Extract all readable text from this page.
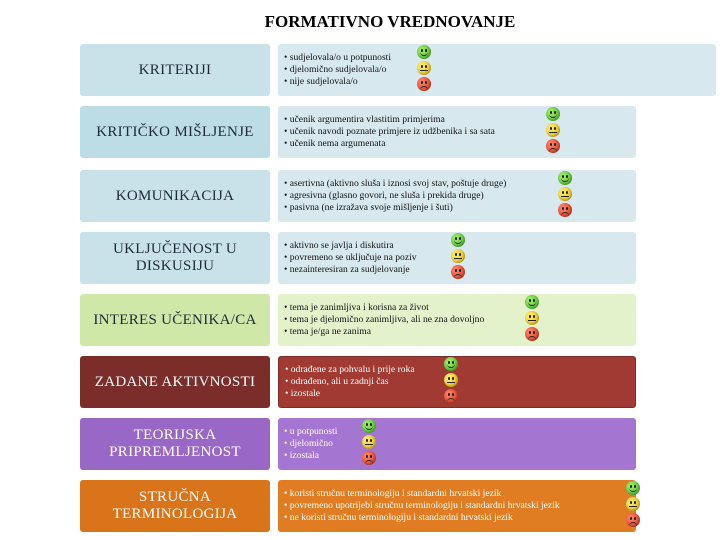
FORMATIVNO VREDNOVANJE
KRITERIJI
• sudjelovala/o u potpunosti
• djelomično sudjelovala/o
• nije sudjelovala/o
KRITIČKO MIŠLJENJE
• učenik argumentira vlastitim primjerima
• učenik navodi poznate primjere iz udžbenika i sa sata
• učenik nema argumenata
KOMUNIKACIJA
• asertivna (aktivno sluša i iznosi svoj stav, poštuje druge)
• agresivna (glasno govori, ne sluša i prekida druge)
• pasivna (ne izražava svoje mišljenje i šuti)
UKLJUČENOST U
DISKUSIJU
• aktivno se javlja i diskutira
• povremeno se uključuje na poziv
• nezainteresiran za sudjelovanje
INTERES UČENIKA/CA
• tema je zanimljiva i korisna za život
• tema je djelomično zanimljiva, ali ne zna dovoljno
• tema je/ga ne zanima
ZADANE AKTIVNOSTI
• odrađene za pohvalu i prije roka
• odrađeno, ali u zadnji čas
• izostale
TEORIJSKA
PRIPREMLJENOST
• u potpunosti
• djelomično
• izostala
STRUČNA
TERMINOLOGIJA
• koristi stručnu terminologiju i standardni hrvatski jezik
• povremeno upotrijebi stručnu terminologiju i standardni hrvatski jezik
• ne koristi stručnu terminologiju i standardni hrvatski jezik
